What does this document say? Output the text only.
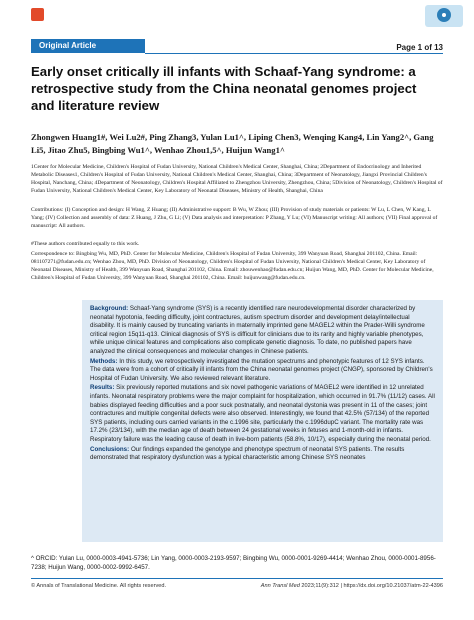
Original Article	Page 1 of 13
Early onset critically ill infants with Schaaf-Yang syndrome: a retrospective study from the China neonatal genomes project and literature review

Zhongwen Huang1#, Wei Lu2#, Ping Zhang3, Yulan Lu1^, Liping Chen3, Wenqing Kang4, Lin Yang2^, Gang Li5, Jitao Zhu5, Bingbing Wu1^, Wenhao Zhou1,5^, Huijun Wang1^

1Center for Molecular Medicine, Children's Hospital of Fudan University, National Children's Medical Center, Shanghai, China; 2Department of Endocrinology and Inherited Metabolic Diseases1, Children's Hospital of Fudan University, National Children's Medical Center, Shanghai, China; 3Department of Neonatology, Jiangxi Provincial Children's Hospital, Nanchang, China; 4Department of Neonatology, Children's Hospital Affiliated to Zhengzhou University, Zhengzhou, China; 5Division of Neonatology, Children's Hospital of Fudan University, National Children's Medical Center, Key Laboratory of Neonatal Diseases, Ministry of Health, Shanghai, China

Contributions: (I) Conception and design: H Wang, Z Huang; (II) Administrative support: B Wu, W Zhou; (III) Provision of study materials or patients: W Lu, L Chen, W Kang, L Yang; (IV) Collection and assembly of data: Z Huang, J Zhu, G Li; (V) Data analysis and interpretation: P Zhang, Y Lu; (VI) Manuscript writing: All authors; (VII) Final approval of manuscript: All authors.

#These authors contributed equally to this work.

Correspondence to: Bingbing Wu, MD, PhD. Center for Molecular Medicine, Children's Hospital of Fudan University, 399 Wanyuan Road, Shanghai 201102, China. Email: 081107271@fudan.edu.cn; Wenhao Zhou, MD, PhD. Division of Neonatology, Children's Hospital of Fudan University, National Children's Medical Center, Key Laboratory of Neonatal Diseases, Ministry of Health, 399 Wanyuan Road, Shanghai 201102, China. Email: zhouwenhao@fudan.edu.cn; Huijun Wang, MD, PhD. Center for Molecular Medicine, Children's Hospital of Fudan University, 399 Wanyuan Road, Shanghai 201102, China. Email: huijunwang@fudan.edu.cn.

Background: Schaaf-Yang syndrome (SYS) is a recently identified rare neurodevelopmental disorder characterized by neonatal hypotonia, feeding difficulty, joint contractures, autism spectrum disorder and development delay/intellectual disability. It is mainly caused by truncating variants in maternally imprinted gene MAGEL2 within the Prader-Willi syndrome critical region 15q11-q13. Clinical diagnosis of SYS is difficult for clinicians due to its rarity and highly variable phenotypes, while unique clinical features and complications also complicate genetic diagnosis. To date, no published papers have analyzed the clinical consequences and molecular changes in Chinese patients.

Methods: In this study, we retrospectively investigated the mutation spectrums and phenotypic features of 12 SYS infants. The data were from a cohort of critically ill infants from the China neonatal genomes project (CNGP), sponsored by Children's Hospital of Fudan University. We also reviewed relevant literature.

Results: Six previously reported mutations and six novel pathogenic variations of MAGEL2 were identified in 12 unrelated infants. Neonatal respiratory problems were the major complaint for hospitalization, which occurred in 91.7% (11/12) cases. All babies displayed feeding difficulties and a poor suck postnatally, and neonatal dystonia was present in 11 of the cases; joint contractures and multiple congenital defects were also observed. Interestingly, we found that 42.5% (57/134) of the reported SYS patients, including ours carried variants in the c.1996 site, particularly the c.1996dupC variant. The mortality rate was 17.2% (23/134), with the median age of death between 24 gestational weeks in fetuses and 1-month-old in infants. Respiratory failure was the leading cause of death in live-born patients (58.8%, 10/17), especially during the neonatal period.

Conclusions: Our findings expanded the genotype and phenotype spectrum of neonatal SYS patients. The results demonstrated that respiratory dysfunction was a typical characteristic among Chinese SYS neonates

^ ORCID: Yulan Lu, 0000-0003-4941-5736; Lin Yang, 0000-0003-2193-9597; Bingbing Wu, 0000-0001-9269-4414; Wenhao Zhou, 0000-0001-8956-7238; Huijun Wang, 0000-0002-9992-6457.

© Annals of Translational Medicine. All rights reserved.	Ann Transl Med 2023;11(9):312 | https://dx.doi.org/10.21037/atm-22-4396
